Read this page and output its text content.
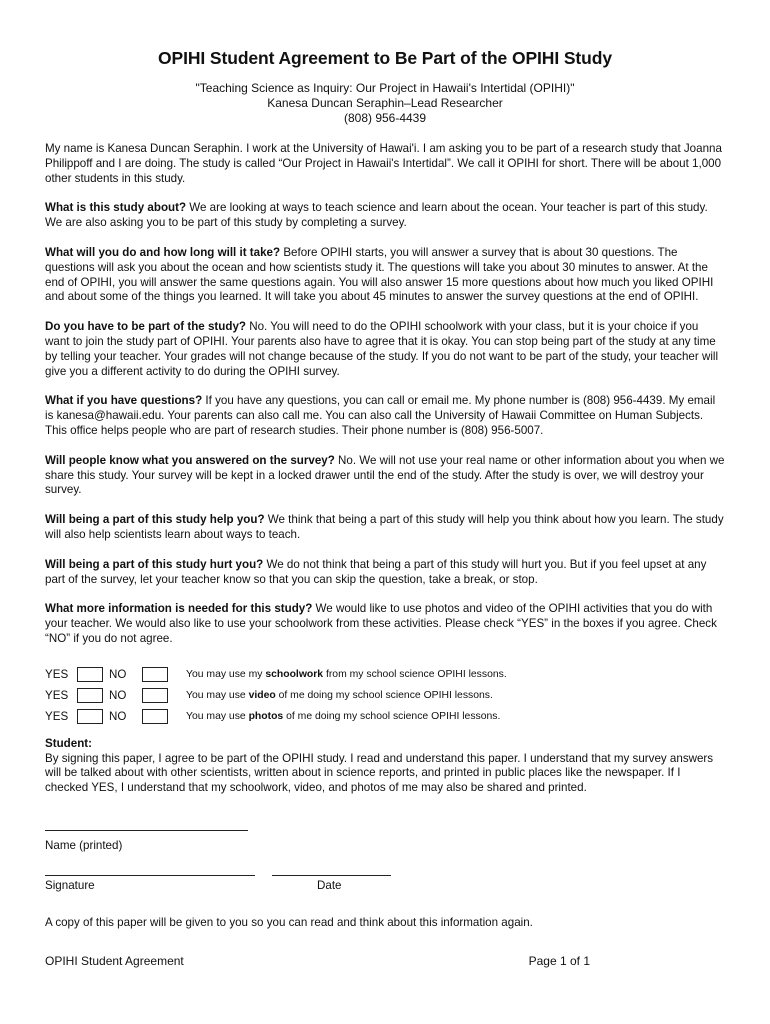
OPIHI Student Agreement to Be Part of the OPIHI Study
"Teaching Science as Inquiry: Our Project in Hawaii's Intertidal (OPIHI)"
Kanesa Duncan Seraphin–Lead Researcher
(808) 956-4439

My name is Kanesa Duncan Seraphin. I work at the University of Hawai'i. I am asking you to be part of a research study that Joanna Philippoff and I are doing. The study is called “Our Project in Hawaii's Intertidal”. We call it OPIHI for short. There will be about 1,000 other students in this study.

What is this study about? We are looking at ways to teach science and learn about the ocean. Your teacher is part of this study. We are also asking you to be part of this study by completing a survey.

What will you do and how long will it take? Before OPIHI starts, you will answer a survey that is about 30 questions. The questions will ask you about the ocean and how scientists study it. The questions will take you about 30 minutes to answer. At the end of OPIHI, you will answer the same questions again. You will also answer 15 more questions about how much you liked OPIHI and about some of the things you learned. It will take you about 45 minutes to answer the survey questions at the end of OPIHI.

Do you have to be part of the study? No. You will need to do the OPIHI schoolwork with your class, but it is your choice if you want to join the study part of OPIHI. Your parents also have to agree that it is okay. You can stop being part of the study at any time by telling your teacher. Your grades will not change because of the study. If you do not want to be part of the study, your teacher will give you a different activity to do during the OPIHI survey.

What if you have questions? If you have any questions, you can call or email me. My phone number is (808) 956-4439. My email is kanesa@hawaii.edu. Your parents can also call me. You can also call the University of Hawaii Committee on Human Subjects. This office helps people who are part of research studies. Their phone number is (808) 956-5007.

Will people know what you answered on the survey? No. We will not use your real name or other information about you when we share this study. Your survey will be kept in a locked drawer until the end of the study. After the study is over, we will destroy your survey.

Will being a part of this study help you? We think that being a part of this study will help you think about how you learn. The study will also help scientists learn about ways to teach.

Will being a part of this study hurt you? We do not think that being a part of this study will hurt you. But if you feel upset at any part of the survey, let your teacher know so that you can skip the question, take a break, or stop.

What more information is needed for this study? We would like to use photos and video of the OPIHI activities that you do with your teacher. We would also like to use your schoolwork from these activities. Please check “YES” in the boxes if you agree. Check “NO” if you do not agree.

YES	NO	You may use my schoolwork from my school science OPIHI lessons.
YES	NO	You may use video of me doing my school science OPIHI lessons.
YES	NO	You may use photos of me doing my school science OPIHI lessons.

Student:

By signing this paper, I agree to be part of the OPIHI study. I read and understand this paper. I understand that my survey answers will be talked about with other scientists, written about in science reports, and printed in public places like the newspaper. If I checked YES, I understand that my schoolwork, video, and photos of me may also be shared and printed.

Name (printed)
Signature	Date

A copy of this paper will be given to you so you can read and think about this information again.

OPIHI Student Agreement	Page 1 of 1
